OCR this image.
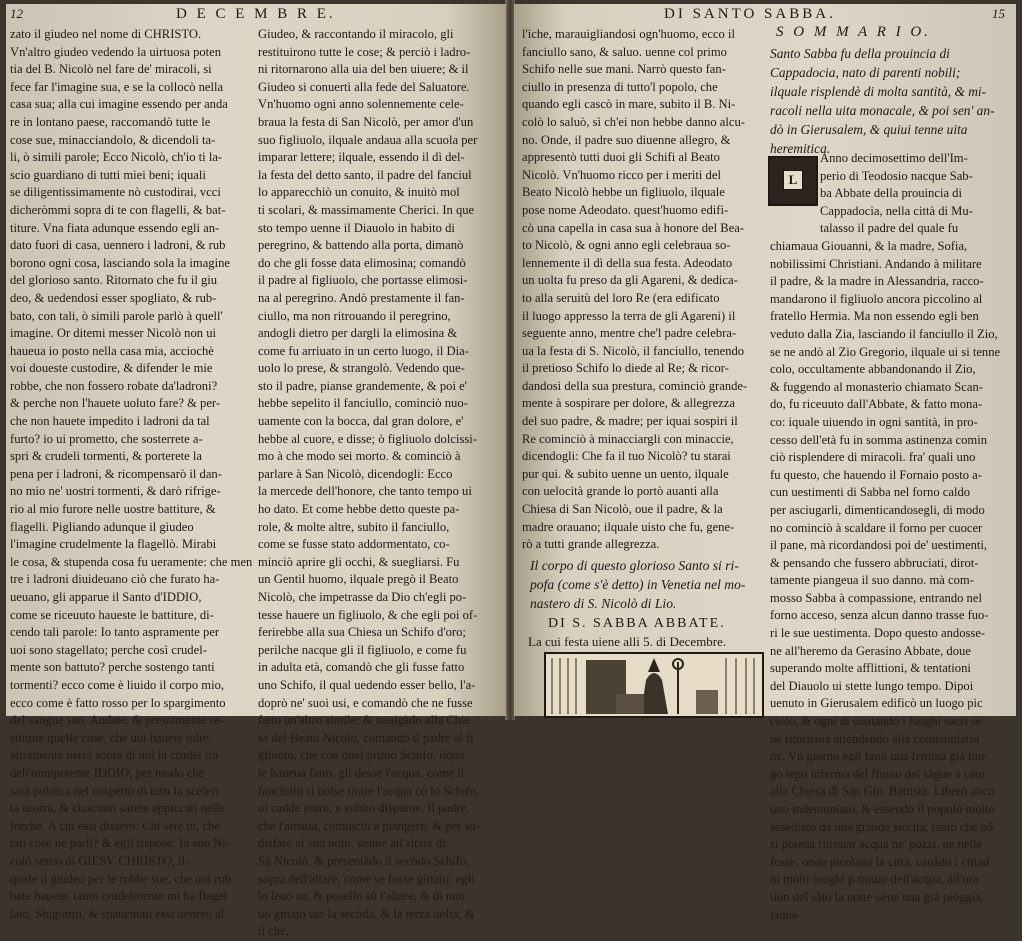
12	D E C E M B R E.
zato il giudeo nel nome di CHRISTO.
Vn'altro giudeo vedendo la uirtuosa poten
tia del B. Nicolò nel fare de' miracoli, si
fece far l'imagine sua, e se la collocò nella
casa sua; alla cui imagine essendo per anda
re in lontano paese, raccomandò tutte le
cose sue, minacciandolo, & dicendoli ta-
li, ò simili parole; Ecco Nicolò, ch'io ti la-
scio guardiano di tutti miei beni; iquali
se diligentissimamente nò custodirai, vcci
dicheròmmi sopra di te con flagelli, & bat-
titure. Vna fiata adunque essendo egli an-
dato fuori di casa, uennero i ladroni, & rub
borono ogni cosa, lasciando sola la imagine
del glorioso santo. Ritornato che fu il giu
deo, & uedendosi esser spogliato, & rub-
bato, con tali, ò simili parole parlò à quell'
imagine. Or ditemi messer Nicolò non ui
haueua io posto nella casa mia, acciochè
voi doueste custodire, & difender le mie
robbe, che non fossero robate da'ladroni?
& perche non l'hauete uoluto fare? & per-
che non hauete impedito i ladroni da tal
furto? io ui prometto, che sosterrete a-
spri & crudeli tormenti, & porterete la
pena per i ladroni, & ricompensarò il dan-
no mio ne' uostri tormenti, & darò rifrige-
rio al mio furore nelle uostre battiture, &
flagelli. Pigliando adunque il giudeo
l'imagine crudelmente la flagellò. Mirabi
le cosa, & stupenda cosa fu ueramente: che men
tre i ladroni diuideuano ciò che furato ha-
ueuano, gli apparue il Santo d'IDDIO,
come se riceuuto haueste le battiture, di-
cendo tali parole: Io tanto aspramente per
uoi sono stagellato; perche così crudel-
mente son battuto? perche sostengo tanti
tormenti? ecco come è liuido il corpo mio,
ecco come è fatto rosso per lo spargimento
del sangue suo. Andate, & prestamente re-
stituite quelle cose, che uoi hauete tolte,
altramente uerrà sopra di uoi la crudel ira
dell'onnipotente IDDIO, per modo che
sarà publica nel cospetto di tutti la sceleri
tà uostra, & ciascuno sarete appiccati nelle
forche. A cui essi dissero: Chi sete tu, che
tali cose ne parli? & egli rispose: Io son Ni-
colò seruo di GIESV CHRISTO, il-
quale il giudeo per le robbe sue, che uoi rub
bate hauete, tanto crudelmente mi ha flagel
lato. Sbigottiti, & spauentati essi uènero al
Giudeo, & raccontando il miracolo, gli
restituirono tutte le cose; & perciò i ladro-
ni ritornarono alla uia del ben uiuere; & il
Giudeo si conuertì alla fede del Saluatore.
Vn'huomo ogni anno solennemente cele-
braua la festa di San Nicolò, per amor d'un
suo figliuolo, ilquale andaua alla scuola per
imparar lettere; ilquale, essendo il dì del-
la festa del detto santo, il padre del fanciul
lo apparecchiò un conuito, & inuitò mol
ti scolari, & massimamente Cherici. In que
sto tempo uenne il Diauolo in habito di
peregrino, & battendo alla porta, dimanò
do che gli fosse data elimosina; comandò
il padre al figliuolo, che portasse elimosi-
na al peregrino. Andò prestamente il fan-
ciullo, ma non ritrouando il peregrino,
andogli dietro per dargli la elimosina &
come fu arriuato in un certo luogo, il Dia-
uolo lo prese, & strangolò. Vedendo que-
sto il padre, pianse grandemente, & poi e'
hebbe sepelito il fanciullo, cominciò nuo-
uamente con la bocca, dal gran dolore, e'
hebbe al cuore, e disse; ò figliuolo dolcissi-
mo à che modo sei morto. & cominciò à
parlare à San Nicolò, dicendogli: Ecco
la mercede dell'honore, che tanto tempo ui
ho dato. Et come hebbe detto queste pa-
role, & molte altre, subito il fanciullo,
come se fusse stato addormentato, co-
minciò aprire gli occhi, & suegliarsi. Fu
un Gentil huomo, ilquale pregò il Beato
Nicolò, che impetrasse da Dio ch'egli po-
tesse hauere un figliuolo, & che egli poi of-
ferirebbe alla sua Chiesa un Schifo d'oro;
perilche nacque gli il figliuolo, e come fu
in adulta età, comandò che gli fusse fatto
uno Schifo, il qual uedendo esser bello, l'a-
doprò ne' suoi usi, e comandò che ne fusse
fatto un'altro simile; & nauigàdo alla Chie
sa del Beato Nicolò, comandò il padre al fi
gliuolo, che con quel primo Schifo, ilqua
le haueua fatto, gli desse l'acqua. come il
fanciullo si uolse tirare l'acqua co lo Schifo,
ui cadde entro, e subito disparue. Il padre,
che l'amaua, cominciò à piangere; & per so-
disfare al suo uoto, uenne all'altare di
Sã Nicolò, & presentàdo il secòdo Schifo,
sopra dell'altare, come se fosse gittato; egli
lo leuò su, & posello sù l'altare, & di nuo
uo gittato uia la secòda, & la terza uolta; &
il che,
DI SANTO SABBA.	15
l'iche, marauigliandosi ogn'huomo, ecco il
fanciullo sano, & saluo. uenne col primo
Schifo nelle sue mani. Narrò questo fan-
ciullo in presenza di tutto'l popolo, che
quando egli cascò in mare, subito il B. Ni-
colò lo saluò, sì ch'ei non hebbe danno alcu-
no. Onde, il padre suo diuenne allegro, &
appresentò tutti duoi gli Schifi al Beato
Nicolò. Vn'huomo ricco per i meriti del
Beato Nicolò hebbe un figliuolo, ilquale
pose nome Adeodato. quest'huomo edifi-
cò una capella in casa sua à honore del Bea-
to Nicolò, & ogni anno egli celebraua so-
lennemente il dì della sua festa. Adeodato
un uolta fu preso da gli Agareni, & dedica-
to alla seruitù del loro Re (era edificato
il luogo appresso la terra de gli Agareni) il
seguente anno, mentre che'l padre celebra-
ua la festa di S. Nicolò, il fanciullo, tenendo
il pretioso Schifo lo diede al Re; & ricor-
dandosi della sua prestura, cominciò grande-
mente à sospirare per dolore, & allegrezza
del suo padre, & madre; per iquai sospiri il
Re cominciò à minacciargli con minaccie,
dicendogli: Che fa il tuo Nicolò? tu starai
pur qui. & subito uenne un uento, ilquale
con uelocità grande lo portò auanti alla
Chiesa di San Nicolò, oue il padre, & la
madre orauano; ilquale uisto che fu, gene-
rò a tutti grande allegrezza.
Il corpo di questo glorioso Santo si ri-
pofa (come s'è detto) in Venetia nel mo-
nastero di S. Nicolò di Lio.
DI S. SABBA ABBATE.
La cui festa uiene alli 5. di Decembre.
S O M M A R I O.
Santo Sabba fu della prouincia di
Cappadocia, nato di parenti nobili;
ilquale risplendè di molta santità, & mi-
racoli nella uita monacale, & poi sen' an-
dò in Gierusalem, & quiui tenne uita
heremitica.
L
Anno decimosettimo dell'Im-
perio di Teodosio nacque Sab-
ba Abbate della prouincia di
Cappadocia, nella città di Mu-
talasso il padre del quale fu
chiamaua Giouanni, & la madre, Sofia,
nobilissimi Christiani. Andando à militare
il padre, & la madre in Alessandria, racco-
mandarono il figliuolo ancora piccolino al
fratello Hermia. Ma non essendo egli ben
veduto dalla Zia, lasciando il fanciullo il Zio,
se ne andò al Zio Gregorio, ilquale ui si tenne
colo, occultamente abbandonando il Zio,
& fuggendo al monasterio chiamato Scan-
do, fu riceuuto dall'Abbate, & fatto mona-
co: iquale uiuendo in ogni santità, in pro-
cesso dell'età fu in somma astinenza comin
ciò risplendere di miracoli. fra' quali uno
fu questo, che hauendo il Fornaio posto a-
cun uestimenti di Sabba nel forno caldo
per asciugarli, dimenticandosegli, di modo
no cominciò à scaldare il forno per cuocer
il pane, mà ricordandosi poi de' uestimenti,
& pensando che fussero abbruciati, dirot-
tamente piangeua il suo danno. mà com-
mosso Sabba à compassione, entrando nel
forno acceso, senza alcun danno trasse fuo-
ri le sue uestimenta. Dopo questo andosse-
ne all'heremo da Gerasino Abbate, doue
superando molte afflittioni, & tentationi
del Diauolo ui stette lungo tempo. Dipoi
uenuto in Gierusalem edificò un luogo pic
ciolo, & ogni dì uisitando i luoghi sacri se
ne ritornaua attendendo alla contemplatio
ne. Vn giorno egli fanò una femina già lun-
go tépo inferma del flusso del sãgue à cato
alla Chiesa di San Gio. Battista. Liberò anco
uno indemoniato, & essendo il popolo molto
assediato da una grande siccità, tanto che nõ
si poteua ritrouar acqua ne' pozzi, ne nelle
fosse, onde picolaua la città, cauãdo i cittad
ni molti luoghi p trouar dell'acqua, all'ora
tion del sãto la notte uéne una grã pioggia,
laqua-
